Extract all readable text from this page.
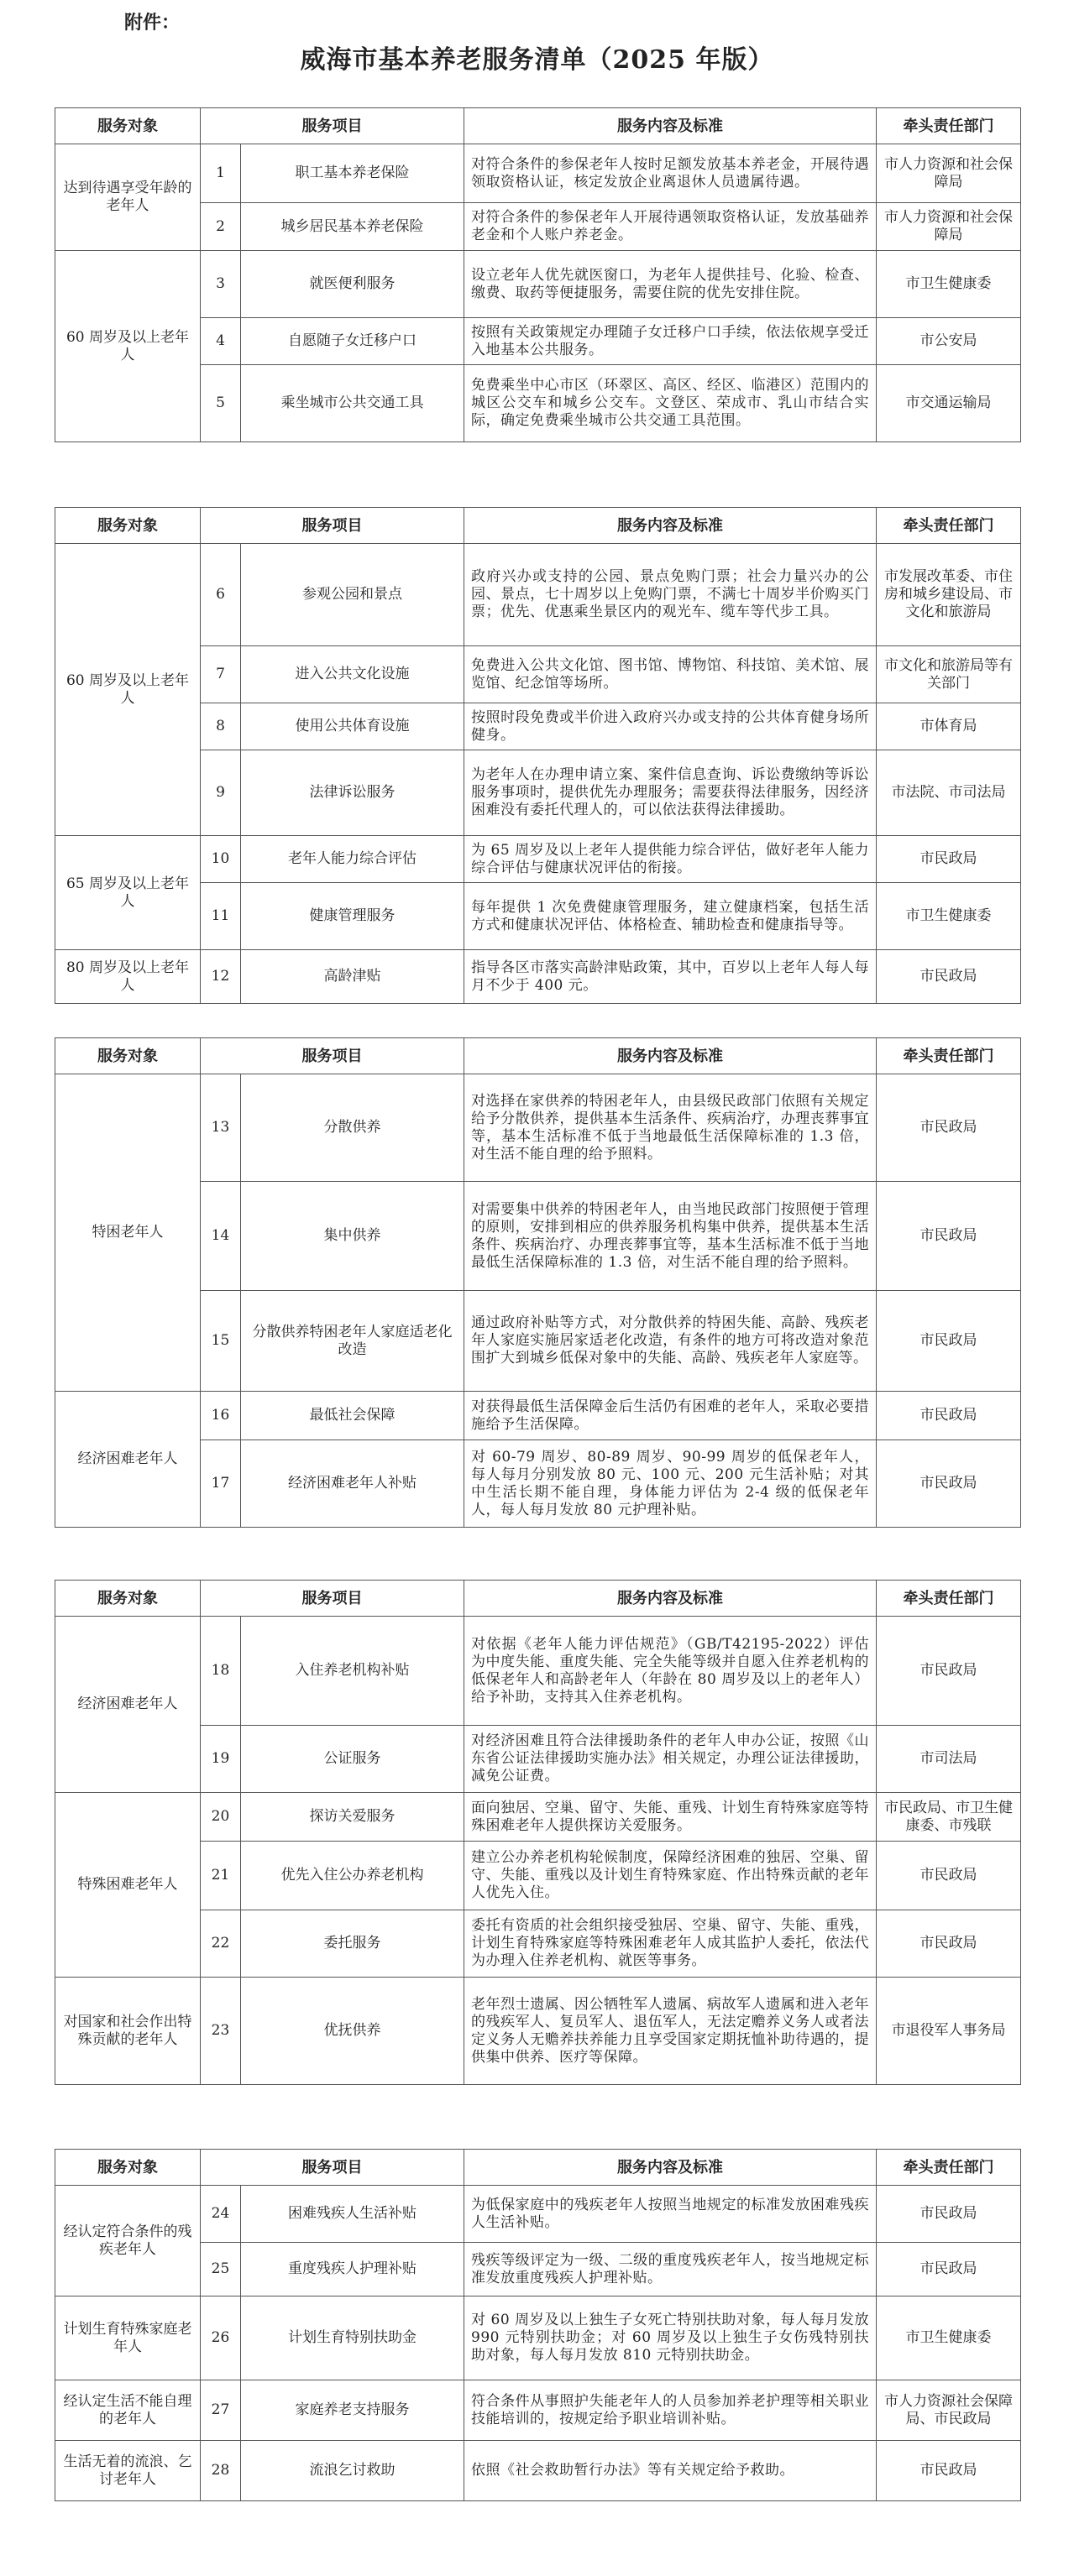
附件：
威海市基本养老服务清单（2025 年版）
服务对象	服务项目		服务内容及标准	牵头责任部门
达到待遇享受年龄的老年人	1	职工基本养老保险	对符合条件的参保老年人按时足额发放基本养老金，开展待遇领取资格认证，核定发放企业离退休人员遗属待遇。	市人力资源和社会保障局
	2	城乡居民基本养老保险	对符合条件的参保老年人开展待遇领取资格认证，发放基础养老金和个人账户养老金。	市人力资源和社会保障局
60 周岁及以上老年人	3	就医便利服务	设立老年人优先就医窗口，为老年人提供挂号、化验、检查、缴费、取药等便捷服务，需要住院的优先安排住院。	市卫生健康委
	4	自愿随子女迁移户口	按照有关政策规定办理随子女迁移户口手续，依法依规享受迁入地基本公共服务。	市公安局
	5	乘坐城市公共交通工具	免费乘坐中心市区（环翠区、高区、经区、临港区）范围内的城区公交车和城乡公交车。文登区、荣成市、乳山市结合实际，确定免费乘坐城市公共交通工具范围。	市交通运输局
服务对象	服务项目		服务内容及标准	牵头责任部门
60 周岁及以上老年人	6	参观公园和景点	政府兴办或支持的公园、景点免购门票；社会力量兴办的公园、景点，七十周岁以上免购门票，不满七十周岁半价购买门票；优先、优惠乘坐景区内的观光车、缆车等代步工具。	市发展改革委、市住房和城乡建设局、市文化和旅游局
	7	进入公共文化设施	免费进入公共文化馆、图书馆、博物馆、科技馆、美术馆、展览馆、纪念馆等场所。	市文化和旅游局等有关部门
	8	使用公共体育设施	按照时段免费或半价进入政府兴办或支持的公共体育健身场所健身。	市体育局
	9	法律诉讼服务	为老年人在办理申请立案、案件信息查询、诉讼费缴纳等诉讼服务事项时，提供优先办理服务；需要获得法律服务，因经济困难没有委托代理人的，可以依法获得法律援助。	市法院、市司法局
65 周岁及以上老年人	10	老年人能力综合评估	为 65 周岁及以上老年人提供能力综合评估，做好老年人能力综合评估与健康状况评估的衔接。	市民政局
	11	健康管理服务	每年提供 1 次免费健康管理服务，建立健康档案，包括生活方式和健康状况评估、体格检查、辅助检查和健康指导等。	市卫生健康委
80 周岁及以上老年人	12	高龄津贴	指导各区市落实高龄津贴政策，其中，百岁以上老年人每人每月不少于 400 元。	市民政局
服务对象	服务项目		服务内容及标准	牵头责任部门
特困老年人	13	分散供养	对选择在家供养的特困老年人，由县级民政部门依照有关规定给予分散供养，提供基本生活条件、疾病治疗，办理丧葬事宜等，基本生活标准不低于当地最低生活保障标准的 1.3 倍，对生活不能自理的给予照料。	市民政局
	14	集中供养	对需要集中供养的特困老年人，由当地民政部门按照便于管理的原则，安排到相应的供养服务机构集中供养，提供基本生活条件、疾病治疗、办理丧葬事宜等，基本生活标准不低于当地最低生活保障标准的 1.3 倍，对生活不能自理的给予照料。	市民政局
	15	分散供养特困老年人家庭适老化改造	通过政府补贴等方式，对分散供养的特困失能、高龄、残疾老年人家庭实施居家适老化改造，有条件的地方可将改造对象范围扩大到城乡低保对象中的失能、高龄、残疾老年人家庭等。	市民政局
经济困难老年人	16	最低社会保障	对获得最低生活保障金后生活仍有困难的老年人，采取必要措施给予生活保障。	市民政局
	17	经济困难老年人补贴	对 60-79 周岁、80-89 周岁、90-99 周岁的低保老年人，每人每月分别发放 80 元、100 元、200 元生活补贴；对其中生活长期不能自理，身体能力评估为 2-4 级的低保老年人，每人每月发放 80 元护理补贴。	市民政局
服务对象	服务项目		服务内容及标准	牵头责任部门
经济困难老年人	18	入住养老机构补贴	对依据《老年人能力评估规范》（GB/T42195-2022）评估为中度失能、重度失能、完全失能等级并自愿入住养老机构的低保老年人和高龄老年人（年龄在 80 周岁及以上的老年人）给予补助，支持其入住养老机构。	市民政局
	19	公证服务	对经济困难且符合法律援助条件的老年人申办公证，按照《山东省公证法律援助实施办法》相关规定，办理公证法律援助，减免公证费。	市司法局
特殊困难老年人	20	探访关爱服务	面向独居、空巢、留守、失能、重残、计划生育特殊家庭等特殊困难老年人提供探访关爱服务。	市民政局、市卫生健康委、市残联
	21	优先入住公办养老机构	建立公办养老机构轮候制度，保障经济困难的独居、空巢、留守、失能、重残以及计划生育特殊家庭、作出特殊贡献的老年人优先入住。	市民政局
	22	委托服务	委托有资质的社会组织接受独居、空巢、留守、失能、重残，计划生育特殊家庭等特殊困难老年人成其监护人委托，依法代为办理入住养老机构、就医等事务。	市民政局
对国家和社会作出特殊贡献的老年人	23	优抚供养	老年烈士遗属、因公牺牲军人遗属、病故军人遗属和进入老年的残疾军人、复员军人、退伍军人，无法定赡养义务人或者法定义务人无赡养扶养能力且享受国家定期抚恤补助待遇的，提供集中供养、医疗等保障。	市退役军人事务局
服务对象	服务项目		服务内容及标准	牵头责任部门
经认定符合条件的残疾老年人	24	困难残疾人生活补贴	为低保家庭中的残疾老年人按照当地规定的标准发放困难残疾人生活补贴。	市民政局
	25	重度残疾人护理补贴	残疾等级评定为一级、二级的重度残疾老年人，按当地规定标准发放重度残疾人护理补贴。	市民政局
计划生育特殊家庭老年人	26	计划生育特别扶助金	对 60 周岁及以上独生子女死亡特别扶助对象，每人每月发放 990 元特别扶助金；对 60 周岁及以上独生子女伤残特别扶助对象，每人每月发放 810 元特别扶助金。	市卫生健康委
经认定生活不能自理的老年人	27	家庭养老支持服务	符合条件从事照护失能老年人的人员参加养老护理等相关职业技能培训的，按规定给予职业培训补贴。	市人力资源社会保障局、市民政局
生活无着的流浪、乞讨老年人	28	流浪乞讨救助	依照《社会救助暂行办法》等有关规定给予救助。	市民政局
